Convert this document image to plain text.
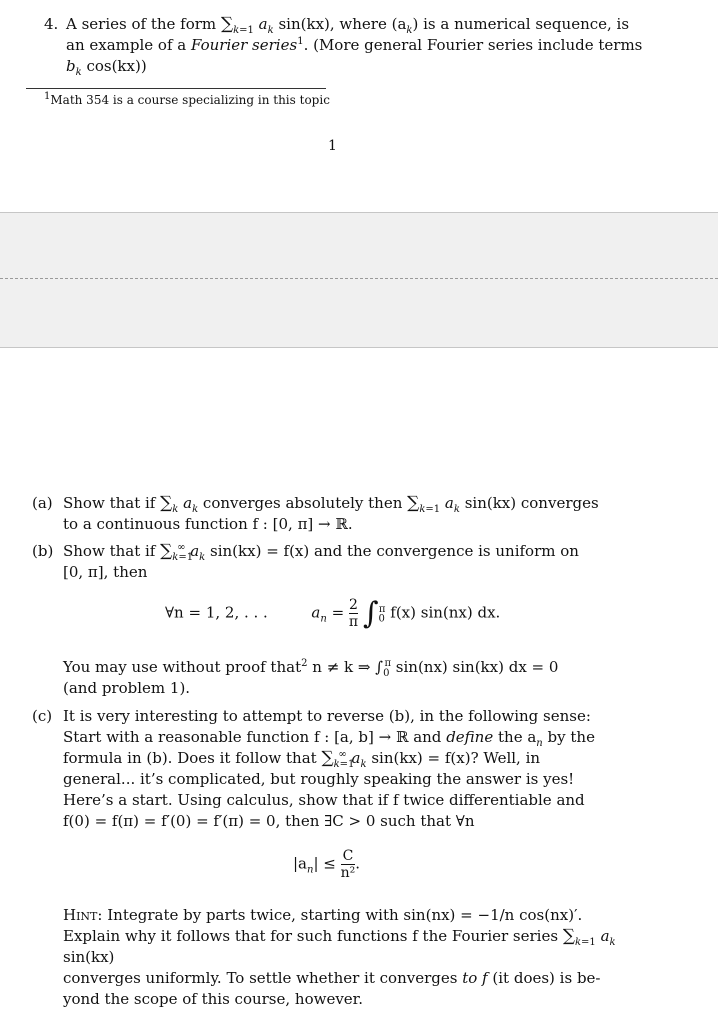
4. A series of the form $\sum_{k=1}$ $a_k$ sin(kx), where $(a_k)$ is a numerical sequence, is
an example of a Fourier series$^1$. (More general Fourier series include terms
$b_k$ cos(kx))
$^1$Math 354 is a course specializing in this topic
1
(a) Show that if $\sum_k$ $a_k$ converges absolutely then $\sum_{k=1}$ $a_k$ sin(kx) converges
to a continuous function f : [0, π] → ℝ.
(b) Show that if $\sum_{k=1}^\infty$ $a_k$ sin(kx) = f(x) and the convergence is uniform on
[0, π], then
∀n = 1, 2, . . .	$a_n = \frac{2}{\pi} \int_0^\pi$ f(x) sin(nx) dx.
You may use without proof that$^2$ n ≠ k ⇒ $\int_0^\pi$ sin(nx) sin(kx) dx = 0
(and problem 1).
(c) It is very interesting to attempt to reverse (b), in the following sense:
Start with a reasonable function f : [a, b] → ℝ and define the $a_n$ by the
formula in (b). Does it follow that $\sum_{k=1}^\infty$ $a_k$ sin(kx) = f(x)? Well, in
general... it’s complicated, but roughly speaking the answer is yes!
Here’s a start. Using calculus, show that if f twice differentiable and
f(0) = f(π) = f′(0) = f′(π) = 0, then ∃C > 0 such that ∀n
$|a_n| \le \frac{C}{\text{n²}}$ .
Hint: Integrate by parts twice, starting with sin(nx) = −1/n cos(nx)′.
Explain why it follows that for such functions f the Fourier series $\sum_{k=1}$ $a_k$ sin(kx)
converges uniformly. To settle whether it converges to f (it does) is be-
yond the scope of this course, however.
